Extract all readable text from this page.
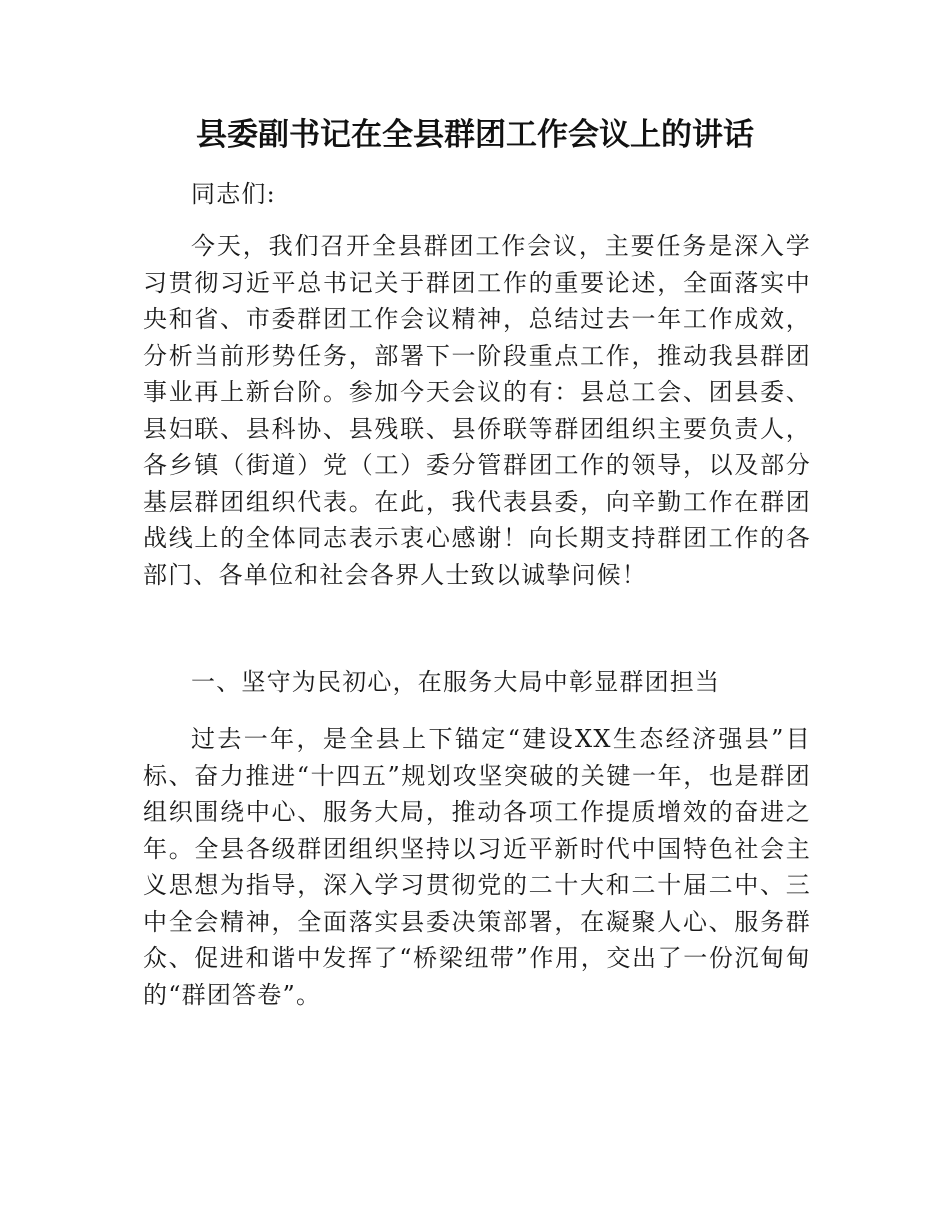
县委副书记在全县群团工作会议上的讲话

同志们:

今天，我们召开全县群团工作会议，主要任务是深入学习贯彻习近平总书记关于群团工作的重要论述，全面落实中央和省、市委群团工作会议精神，总结过去一年工作成效，分析当前形势任务，部署下一阶段重点工作，推动我县群团事业再上新台阶。参加今天会议的有：县总工会、团县委、县妇联、县科协、县残联、县侨联等群团组织主要负责人，各乡镇（街道）党（工）委分管群团工作的领导，以及部分基层群团组织代表。在此，我代表县委，向辛勤工作在群团战线上的全体同志表示衷心感谢！向长期支持群团工作的各部门、各单位和社会各界人士致以诚挚问候！

一、坚守为民初心，在服务大局中彰显群团担当

过去一年，是全县上下锚定“建设XX生态经济强县”目标、奋力推进“十四五”规划攻坚突破的关键一年，也是群团组织围绕中心、服务大局，推动各项工作提质增效的奋进之年。全县各级群团组织坚持以习近平新时代中国特色社会主义思想为指导，深入学习贯彻党的二十大和二十届二中、三中全会精神，全面落实县委决策部署，在凝聚人心、服务群众、促进和谐中发挥了“桥梁纽带”作用，交出了一份沉甸甸的“群团答卷”。
